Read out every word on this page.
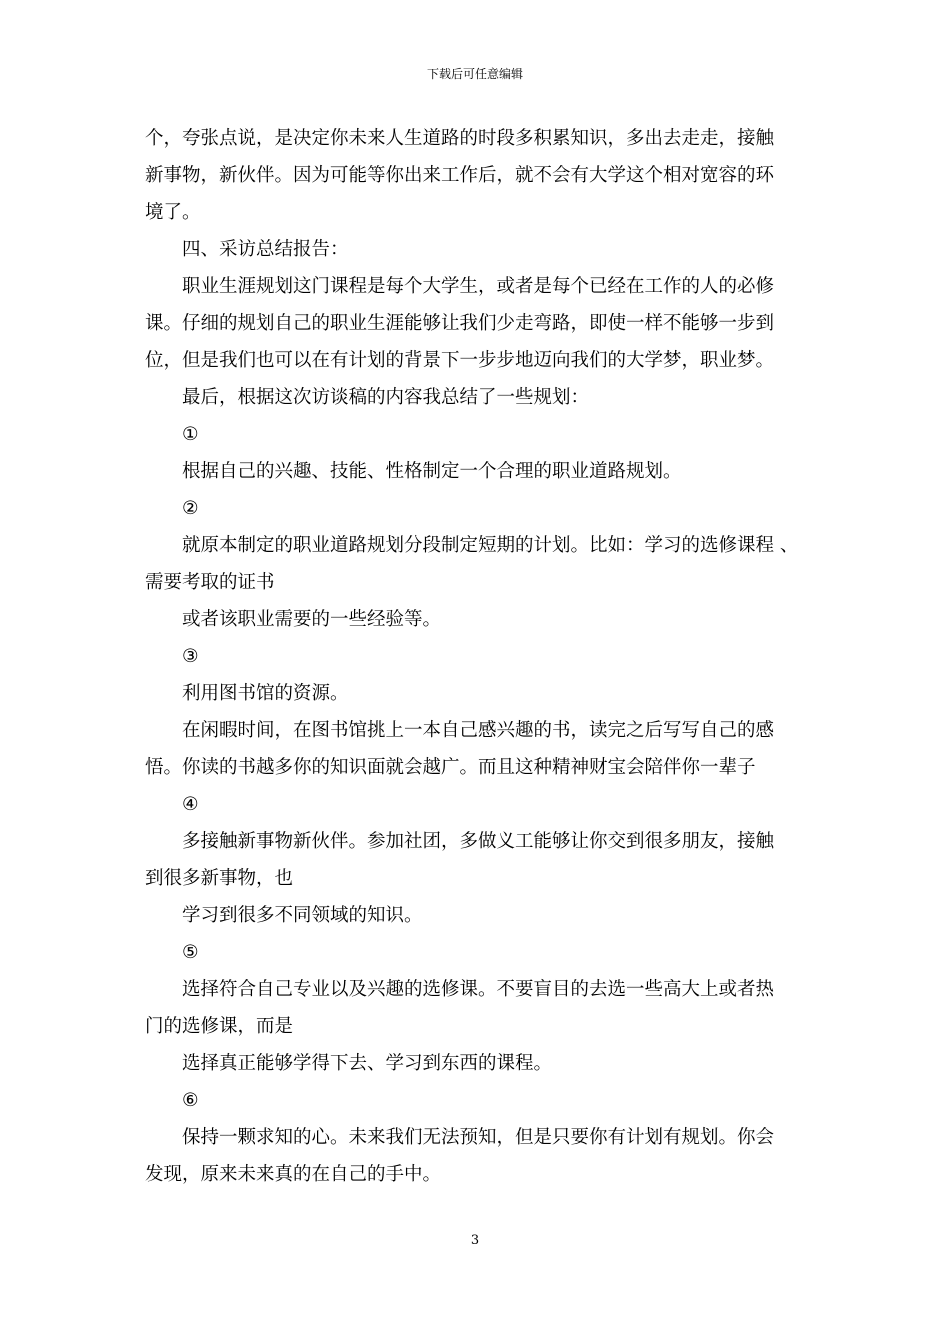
下载后可任意编辑

个，夸张点说，是决定你未来人生道路的时段多积累知识，多出去走走，接触

新事物，新伙伴。因为可能等你出来工作后，就不会有大学这个相对宽容的环

境了。

四、采访总结报告：

职业生涯规划这门课程是每个大学生，或者是每个已经在工作的人的必修

课。仔细的规划自己的职业生涯能够让我们少走弯路，即使一样不能够一步到

位，但是我们也可以在有计划的背景下一步步地迈向我们的大学梦，职业梦。

最后，根据这次访谈稿的内容我总结了一些规划：

①

根据自己的兴趣、技能、性格制定一个合理的职业道路规划。

②

就原本制定的职业道路规划分段制定短期的计划。比如：学习的选修课程 、

需要考取的证书

或者该职业需要的一些经验等。

③

利用图书馆的资源。

在闲暇时间，在图书馆挑上一本自己感兴趣的书，读完之后写写自己的感

悟。你读的书越多你的知识面就会越广。而且这种精神财宝会陪伴你一辈子

④

多接触新事物新伙伴。参加社团，多做义工能够让你交到很多朋友，接触

到很多新事物，也

学习到很多不同领域的知识。

⑤

选择符合自己专业以及兴趣的选修课。不要盲目的去选一些高大上或者热

门的选修课，而是

选择真正能够学得下去、学习到东西的课程。

⑥

保持一颗求知的心。未来我们无法预知，但是只要你有计划有规划。你会

发现，原来未来真的在自己的手中。

3
